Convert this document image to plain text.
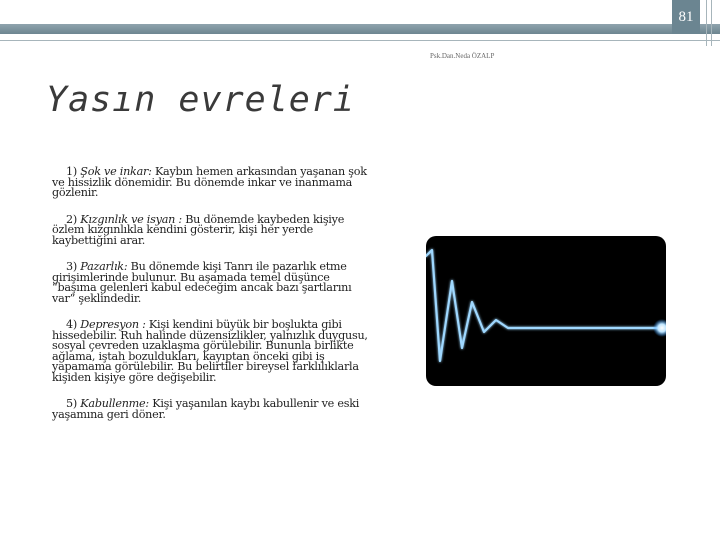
81
Psk.Dan.Neda ÖZALP
Yasın evreleri
1) Şok ve inkar: Kaybın hemen arkasından yaşanan şok ve hissizlik dönemidir. Bu dönemde inkar ve inanmama gözlenir.
2) Kızgınlık ve isyan : Bu dönemde kaybeden kişiye özlem kızgınlıkla kendini gösterir, kişi her yerde kaybettiğini arar.
3) Pazarlık: Bu dönemde kişi Tanrı ile pazarlık etme girişimlerinde bulunur. Bu aşamada temel düşünce “başıma gelenleri kabul edeceğim ancak bazı şartlarını var” şeklindedir.
4) Depresyon : Kişi kendini büyük bir boşlukta gibi hissedebilir. Ruh halinde düzensizlikler, yalnızlık duygusu, sosyal çevreden uzaklaşma görülebilir. Bununla birlikte ağlama, iştah bozuldukları, kayıptan önceki gibi iş yapamama görülebilir. Bu belirtiler bireysel farklılıklarla kişiden kişiye göre değişebilir.
5) Kabullenme: Kişi yaşanılan kaybı kabullenir ve eski yaşamına geri döner.
